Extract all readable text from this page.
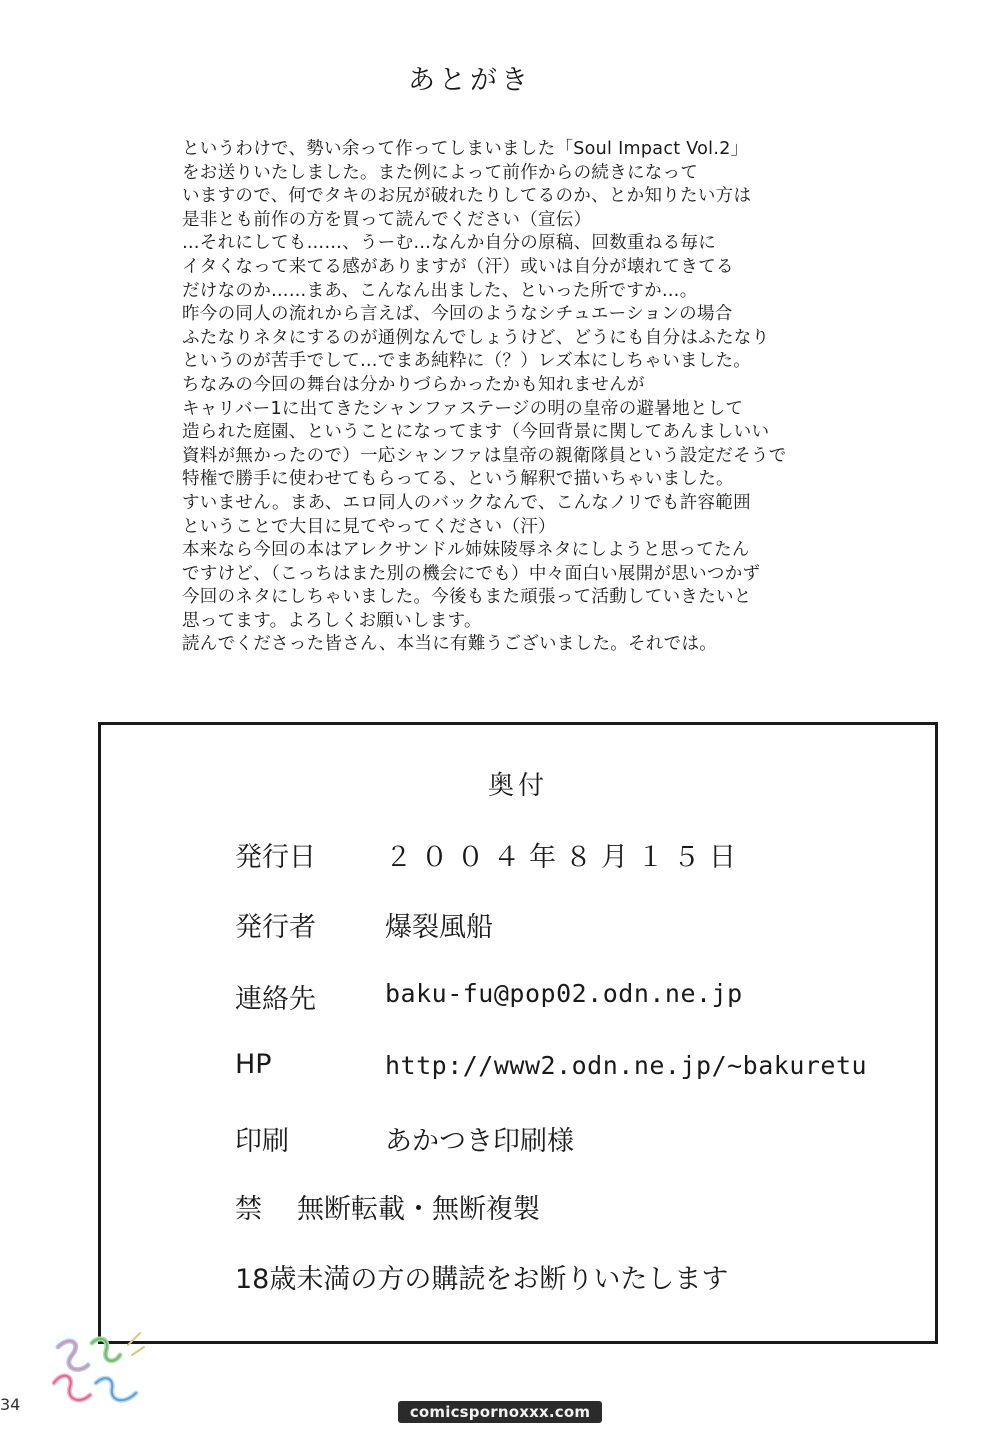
あとがき
というわけで、勢い余って作ってしまいました「Soul Impact Vol.2」
をお送りいたしました。また例によって前作からの続きになって
いますので、何でタキのお尻が破れたりしてるのか、とか知りたい方は
是非とも前作の方を買って読んでください（宣伝）
…それにしても……、うーむ…なんか自分の原稿、回数重ねる毎に
イタくなって来てる感がありますが（汗）或いは自分が壊れてきてる
だけなのか……まあ、こんなん出ました、といった所ですか…。
昨今の同人の流れから言えば、今回のようなシチュエーションの場合
ふたなりネタにするのが通例なんでしょうけど、どうにも自分はふたなり
というのが苦手でして…でまあ純粋に（？）レズ本にしちゃいました。
ちなみの今回の舞台は分かりづらかったかも知れませんが
キャリバー1に出てきたシャンファステージの明の皇帝の避暑地として
造られた庭園、ということになってます（今回背景に関してあんましいい
資料が無かったので）一応シャンファは皇帝の親衛隊員という設定だそうで
特権で勝手に使わせてもらってる、という解釈で描いちゃいました。
すいません。まあ、エロ同人のバックなんで、こんなノリでも許容範囲
ということで大目に見てやってください（汗）
本来なら今回の本はアレクサンドル姉妹陵辱ネタにしようと思ってたん
ですけど、（こっちはまた別の機会にでも）中々面白い展開が思いつかず
今回のネタにしちゃいました。今後もまた頑張って活動していきたいと
思ってます。よろしくお願いします。
読んでくださった皆さん、本当に有難うございました。それでは。
奥付
発行日	２００４年８月１５日
発行者	爆裂風船
連絡先	baku-fu@pop02.odn.ne.jp
HP	http://www2.odn.ne.jp/~bakuretu
印刷	あかつき印刷様
禁 無断転載・無断複製
18歳未満の方の購読をお断りいたします
34	comicspornoxxx.com
